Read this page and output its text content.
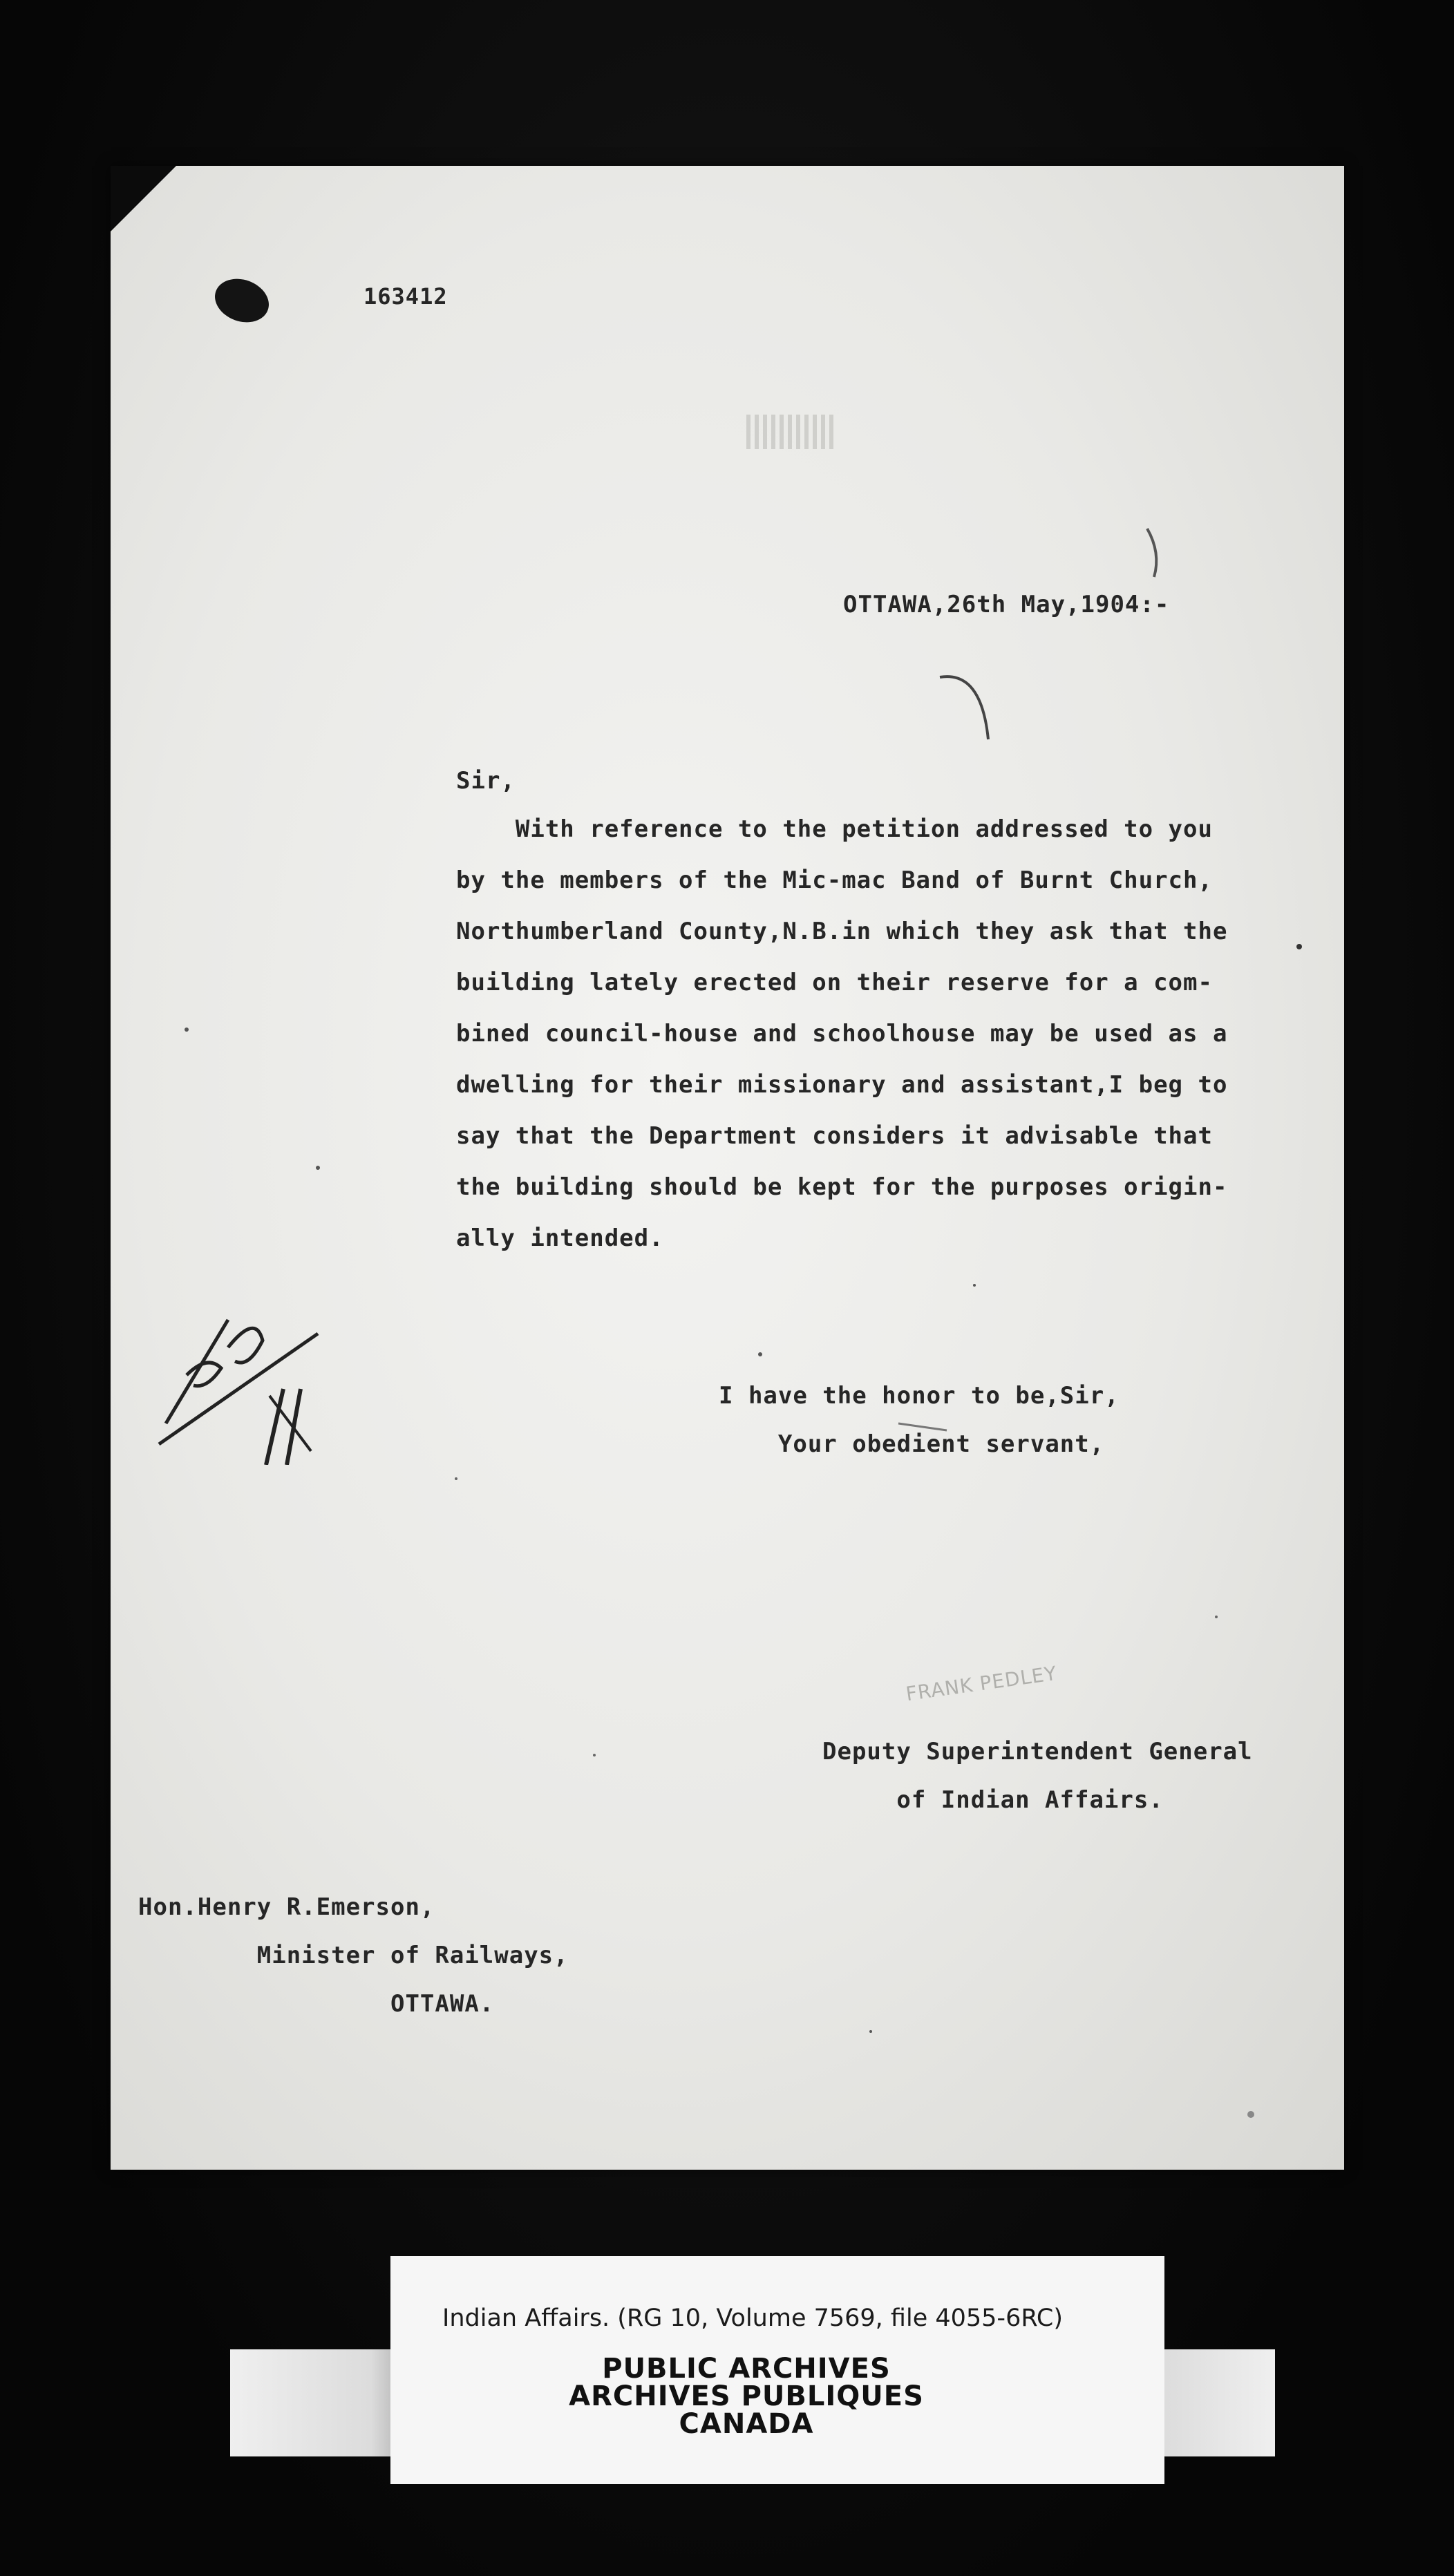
163412
OTTAWA,26th May,1904:-
Sir,
With reference to the petition addressed to you
by the members of the Mic-mac Band of Burnt Church,
Northumberland County,N.B.in which they ask that the
building lately erected on their reserve for a com-
bined council-house and schoolhouse may be used as a
dwelling for their missionary and assistant,I beg to
say that the Department considers it advisable that
the building should be kept for the purposes origin-
ally intended.
I have the honor to be,Sir,
Your obedient servant,
FRANK PEDLEY
Deputy Superintendent General
of Indian Affairs.
Hon.Henry R.Emerson,
Minister of Railways,
OTTAWA.
Indian Affairs. (RG 10, Volume 7569, file 4055-6RC)
PUBLIC ARCHIVES
ARCHIVES PUBLIQUES
CANADA
